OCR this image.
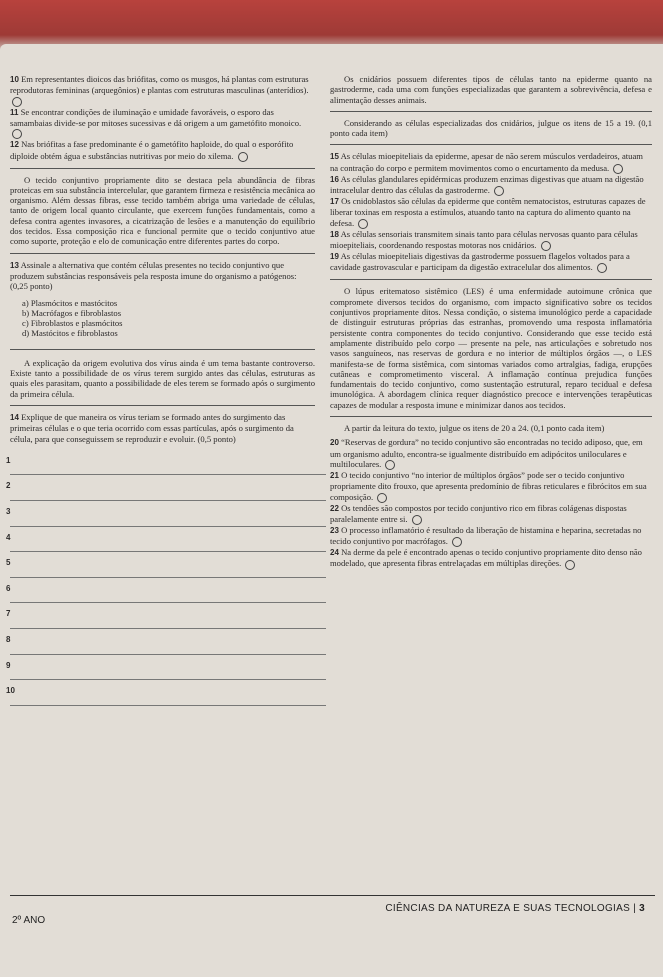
10 Em representantes dioicos das briófitas, como os musgos, há plantas com estruturas reprodutoras femininas (arquegônios) e plantas com estruturas masculinas (anterídios).

11 Se encontrar condições de iluminação e umidade favoráveis, o esporo das samambaias divide-se por mitoses sucessivas e dá origem a um gametófito monoico.

12 Nas briófitas a fase predominante é o gametófito haploide, do qual o esporófito diploide obtém água e substâncias nutritivas por meio do xilema.

O tecido conjuntivo propriamente dito se destaca pela abundância de fibras proteicas em sua substância intercelular, que garantem firmeza e resistência mecânica ao organismo. Além dessas fibras, esse tecido também abriga uma variedade de células, tanto de origem local quanto circulante, que exercem funções fundamentais, como a defesa contra agentes invasores, a cicatrização de lesões e a manutenção do equilíbrio dos tecidos. Essa composição rica e funcional permite que o tecido conjuntivo atue como suporte, proteção e elo de comunicação entre diferentes partes do corpo.

13 Assinale a alternativa que contém células presentes no tecido conjuntivo que produzem substâncias responsáveis pela resposta imune do organismo a patógenos: (0,25 ponto)

a) Plasmócitos e mastócitos

b) Macrófagos e fibroblastos

c) Fibroblastos e plasmócitos

d) Mastócitos e fibroblastos

A explicação da origem evolutiva dos vírus ainda é um tema bastante controverso. Existe tanto a possibilidade de os vírus terem surgido antes das células, estruturas as quais eles parasitam, quanto a possibilidade de eles terem se formado após o surgimento da primeira célula.

14 Explique de que maneira os vírus teriam se formado antes do surgimento das primeiras células e o que teria ocorrido com essas partículas, após o surgimento da célula, para que conseguissem se reproduzir e evoluir. (0,5 ponto)

1
2
3
4
5
6
7
8
9
10

Os cnidários possuem diferentes tipos de células tanto na epiderme quanto na gastroderme, cada uma com funções especializadas que garantem a sobrevivência, defesa e alimentação desses animais.

Considerando as células especializadas dos cnidários, julgue os itens de 15 a 19. (0,1 ponto cada item)

15 As células mioepiteliais da epiderme, apesar de não serem músculos verdadeiros, atuam na contração do corpo e permitem movimentos como o encurtamento da medusa.

16 As células glandulares epidérmicas produzem enzimas digestivas que atuam na digestão intracelular dentro das células da gastroderme.

17 Os cnidoblastos são células da epiderme que contêm nematocistos, estruturas capazes de liberar toxinas em resposta a estímulos, atuando tanto na captura do alimento quanto na defesa.

18 As células sensoriais transmitem sinais tanto para células nervosas quanto para células mioepiteliais, coordenando respostas motoras nos cnidários.

19 As células mioepiteliais digestivas da gastroderme possuem flagelos voltados para a cavidade gastrovascular e participam da digestão extracelular dos alimentos.

O lúpus eritematoso sistêmico (LES) é uma enfermidade autoimune crônica que compromete diversos tecidos do organismo, com impacto significativo sobre os tecidos conjuntivos propriamente ditos. Nessa condição, o sistema imunológico perde a capacidade de distinguir estruturas próprias das estranhas, promovendo uma resposta inflamatória persistente contra componentes do tecido conjuntivo. Considerando que esse tecido está amplamente distribuído pelo corpo — presente na pele, nas articulações e sobretudo nos vasos sanguíneos, nas reservas de gordura e no interior de múltiplos órgãos —, o LES manifesta-se de forma sistêmica, com sintomas variados como artralgias, fadiga, erupções cutâneas e comprometimento visceral. A inflamação contínua prejudica funções fundamentais do tecido conjuntivo, como sustentação estrutural, reparo tecidual e defesa imunológica. A abordagem clínica requer diagnóstico precoce e intervenções terapêuticas capazes de modular a resposta imune e minimizar danos aos tecidos.

A partir da leitura do texto, julgue os itens de 20 a 24. (0,1 ponto cada item)

20 “Reservas de gordura” no tecido conjuntivo são encontradas no tecido adiposo, que, em um organismo adulto, encontra-se igualmente distribuído em adipócitos uniloculares e multiloculares.

21 O tecido conjuntivo “no interior de múltiplos órgãos” pode ser o tecido conjuntivo propriamente dito frouxo, que apresenta predomínio de fibras reticulares e fibrócitos em sua composição.

22 Os tendões são compostos por tecido conjuntivo rico em fibras colágenas dispostas paralelamente entre si.

23 O processo inflamatório é resultado da liberação de histamina e heparina, secretadas no tecido conjuntivo por macrófagos.

24 Na derme da pele é encontrado apenas o tecido conjuntivo propriamente dito denso não modelado, que apresenta fibras entrelaçadas em múltiplas direções.

CIÊNCIAS DA NATUREZA E SUAS TECNOLOGIAS | 3
2º ANO
